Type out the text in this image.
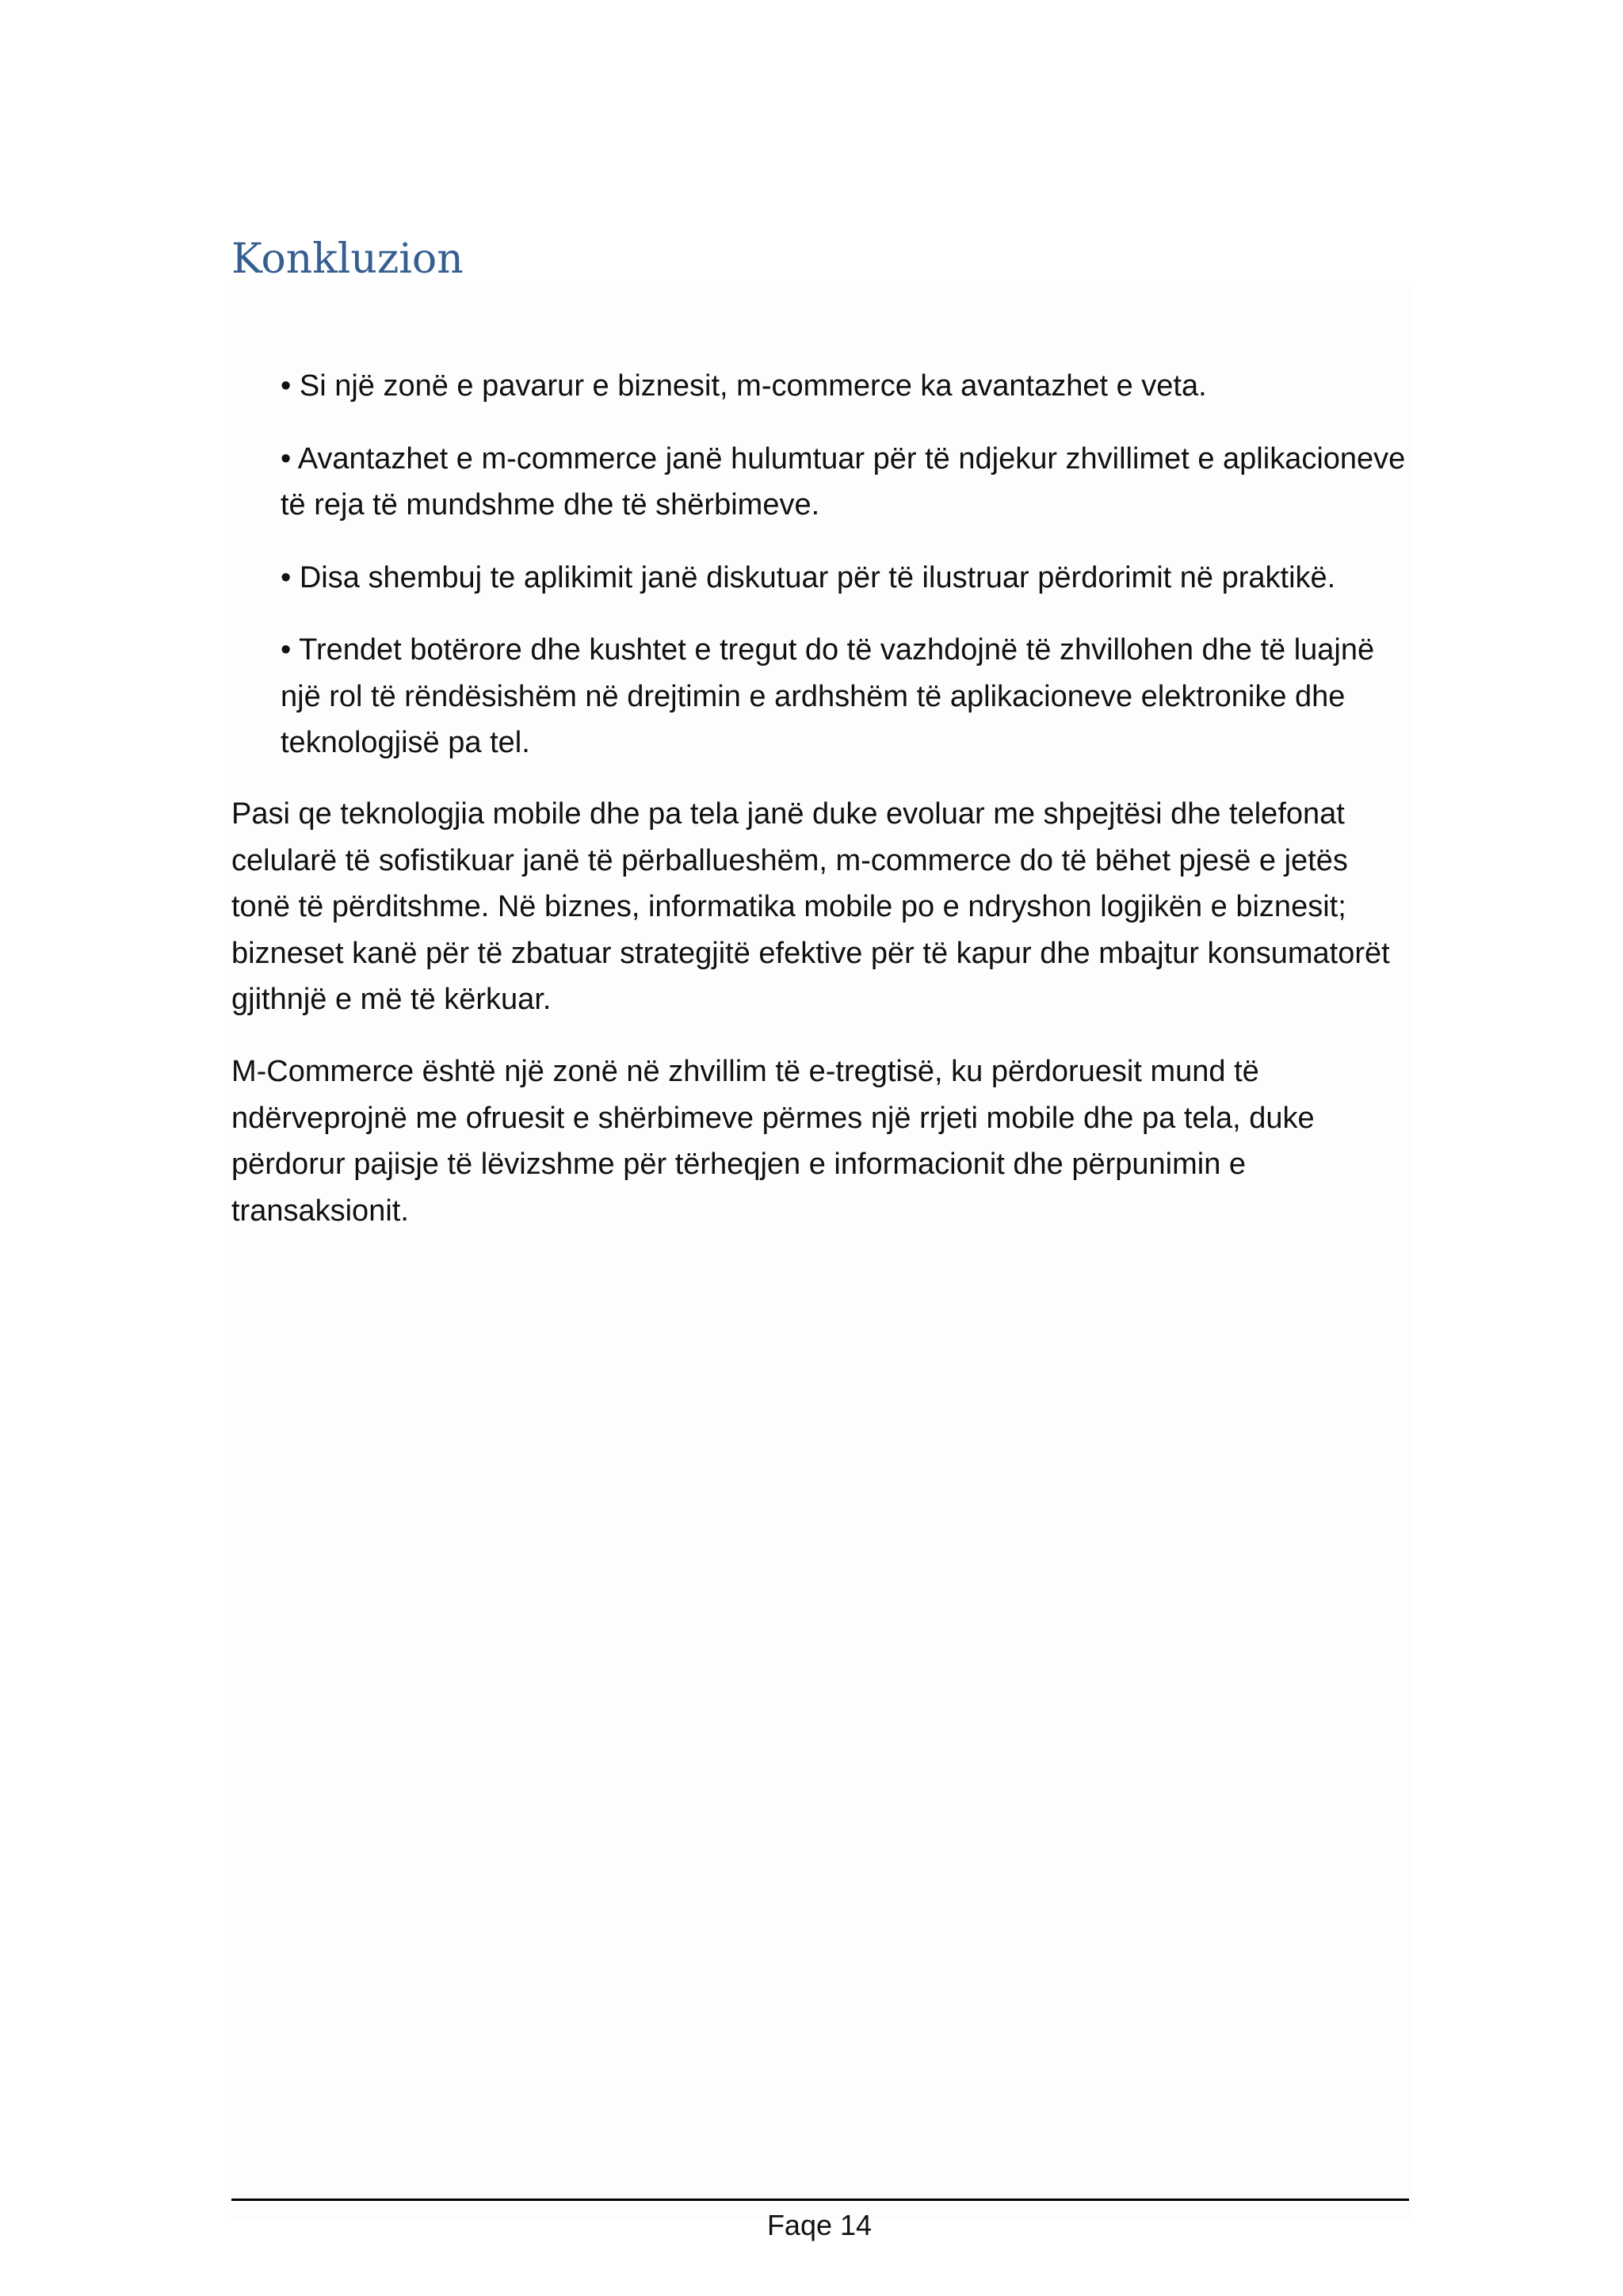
Konkluzion
• Si një zonë e pavarur e biznesit, m-commerce ka avantazhet e veta.
• Avantazhet e m-commerce janë hulumtuar për të ndjekur zhvillimet e aplikacioneve të reja të mundshme dhe të shërbimeve.
• Disa shembuj te aplikimit janë diskutuar për të ilustruar përdorimit në praktikë.
• Trendet botërore dhe kushtet e tregut do të vazhdojnë të zhvillohen dhe të luajnë një rol të rëndësishëm në drejtimin e ardhshëm të aplikacioneve elektronike dhe teknologjisë pa tel.

Pasi qe teknologjia mobile dhe pa tela janë duke evoluar me shpejtësi dhe telefonat celularë të sofistikuar janë të përballueshëm, m-commerce do të bëhet pjesë e jetës tonë të përditshme. Në biznes, informatika mobile po e ndryshon logjikën e biznesit; bizneset kanë për të zbatuar strategjitë efektive për të kapur dhe mbajtur konsumatorët gjithnjë e më të kërkuar.

M-Commerce është një zonë në zhvillim të e-tregtisë, ku përdoruesit mund të ndërveprojnë me ofruesit e shërbimeve përmes një rrjeti mobile dhe pa tela, duke përdorur pajisje të lëvizshme për tërheqjen e informacionit dhe përpunimin e transaksionit.

Faqe 14
